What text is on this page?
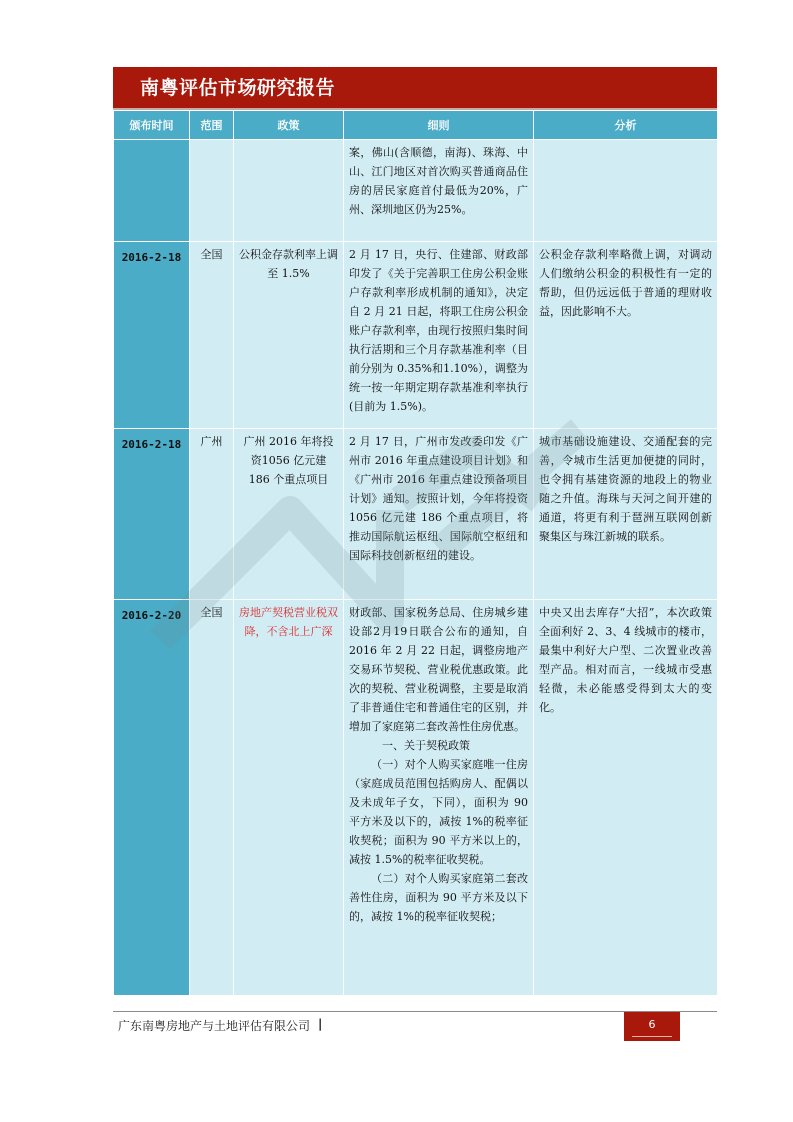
南粤评估市场研究报告
颁布时间	范围	政策	细则	分析

			案，佛山(含顺德，南海)、珠海、中山、江门地区对首次购买普通商品住房的居民家庭首付最低为20%，广州、深圳地区仍为25%。	

2016-2-18	全国	公积金存款利率上调至 1.5%	2 月 17 日，央行、住建部、财政部印发了《关于完善职工住房公积金账户存款利率形成机制的通知》，决定自 2 月 21 日起，将职工住房公积金账户存款利率，由现行按照归集时间执行活期和三个月存款基准利率（目前分别为 0.35%和1.10%），调整为统一按一年期定期存款基准利率执行(目前为 1.5%)。	公积金存款利率略微上调，对调动人们缴纳公积金的积极性有一定的帮助，但仍远远低于普通的理财收益，因此影响不大。
2016-2-18	广州	广州 2016 年将投资1056 亿元建 186 个重点项目	2 月 17 日，广州市发改委印发《广州市 2016 年重点建设项目计划》和《广州市 2016 年重点建设预备项目计划》通知。按照计划，今年将投资 1056 亿元建 186 个重点项目，将推动国际航运枢纽、国际航空枢纽和国际科技创新枢纽的建设。	城市基础设施建设、交通配套的完善，令城市生活更加便捷的同时，也令拥有基建资源的地段上的物业随之升值。海珠与天河之间开建的通道，将更有利于琶洲互联网创新聚集区与珠江新城的联系。
2016-2-20	全国	房地产契税营业税双降，不含北上广深	财政部、国家税务总局、住房城乡建设部2月19日联合公布的通知，自 2016 年 2 月 22 日起，调整房地产交易环节契税、营业税优惠政策。此次的契税、营业税调整，主要是取消了非普通住宅和普通住宅的区别，并增加了家庭第二套改善性住房优惠。

一、关于契税政策

（一）对个人购买家庭唯一住房（家庭成员范围包括购房人、配偶以及未成年子女，下同），面积为 90 平方米及以下的，减按 1%的税率征收契税；面积为 90 平方米以上的，减按 1.5%的税率征收契税。

（二）对个人购买家庭第二套改善性住房，面积为 90 平方米及以下的，减按 1%的税率征收契税；	中央又出去库存“大招”，本次政策全面利好 2、3、4 线城市的楼市，最集中利好大户型、二次置业改善型产品。相对而言，一线城市受惠轻微，未必能感受得到太大的变化。
广东南粤房地产与土地评估有限公司 |	6
